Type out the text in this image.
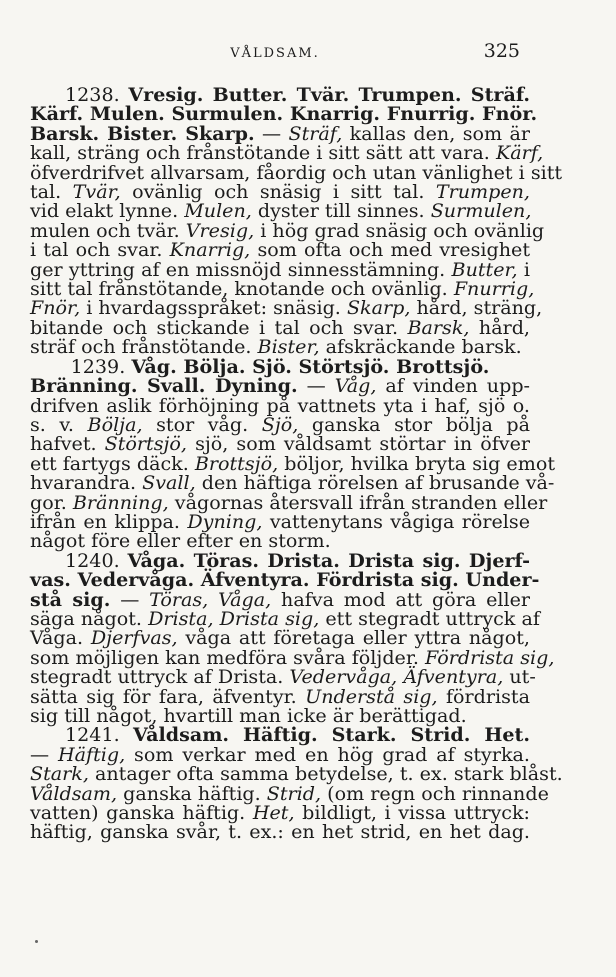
VÅLDSAM.	325
1238. Vresig. Butter. Tvär. Trumpen. Sträf.
Kärf. Mulen. Surmulen. Knarrig. Fnurrig. Fnör.
Barsk. Bister. Skarp. — Sträf, kallas den, som är
kall, sträng och frånstötande i sitt sätt att vara. Kärf,
öfverdrifvet allvarsam, fåordig och utan vänlighet i sitt
tal. Tvär, ovänlig och snäsig i sitt tal. Trumpen,
vid elakt lynne. Mulen, dyster till sinnes. Surmulen,
mulen och tvär. Vresig, i hög grad snäsig och ovänlig
i tal och svar. Knarrig, som ofta och med vresighet
ger yttring af en missnöjd sinnesstämning. Butter, i
sitt tal frånstötande, knotande och ovänlig. Fnurrig,
Fnör, i hvardagsspråket: snäsig. Skarp, hård, sträng,
bitande och stickande i tal och svar. Barsk, hård,
sträf och frånstötande. Bister, afskräckande barsk.
1239. Våg. Bölja. Sjö. Störtsjö. Brottsjö.
Bränning. Svall. Dyning. — Våg, af vinden upp-
drifven aslik förhöjning på vattnets yta i haf, sjö o.
s. v. Bölja, stor våg. Sjö, ganska stor bölja på
hafvet. Störtsjö, sjö, som våldsamt störtar in öfver
ett fartygs däck. Brottsjö, böljor, hvilka bryta sig emot
hvarandra. Svall, den häftiga rörelsen af brusande vå-
gor. Bränning, vågornas återsvall ifrån stranden eller
ifrån en klippa. Dyning, vattenytans vågiga rörelse
något före eller efter en storm.
1240. Våga. Töras. Drista. Drista sig. Djerf-
vas. Vedervåga. Äfventyra. Fördrista sig. Under-
stå sig. — Töras, Våga, hafva mod att göra eller
säga något. Drista, Drista sig, ett stegradt uttryck af
Våga. Djerfvas, våga att företaga eller yttra något,
som möjligen kan medföra svåra följder. Fördrista sig,
stegradt uttryck af Drista. Vedervåga, Äfventyra, ut-
sätta sig för fara, äfventyr. Understå sig, fördrista
sig till något, hvartill man icke är berättigad.
1241. Våldsam. Häftig. Stark. Strid. Het.
— Häftig, som verkar med en hög grad af styrka.
Stark, antager ofta samma betydelse, t. ex. stark blåst.
Våldsam, ganska häftig. Strid, (om regn och rinnande
vatten) ganska häftig. Het, bildligt, i vissa uttryck:
häftig, ganska svår, t. ex.: en het strid, en het dag.
